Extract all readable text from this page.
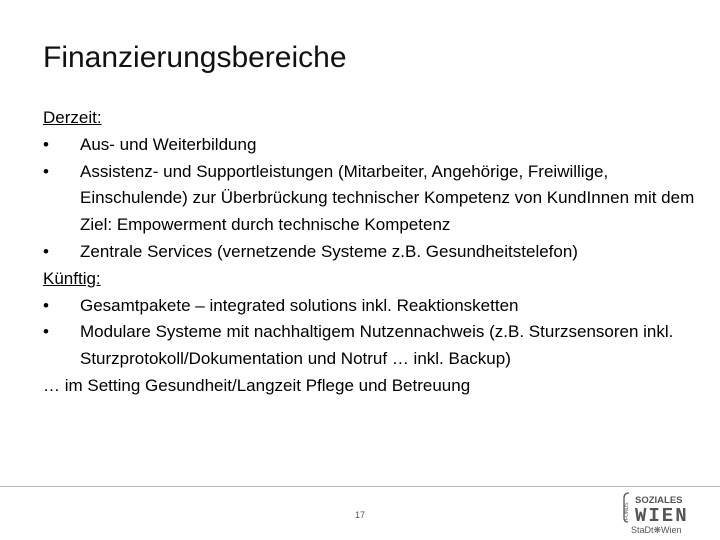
Finanzierungsbereiche
Derzeit:
•	Aus- und Weiterbildung
•	Assistenz- und Supportleistungen (Mitarbeiter, Angehörige, Freiwillige, Einschulende) zur Überbrückung technischer Kompetenz von KundInnen mit dem Ziel: Empowerment durch technische Kompetenz
•	Zentrale Services (vernetzende Systeme z.B. Gesundheitstelefon)
Künftig:
•	Gesamtpakete – integrated solutions inkl. Reaktionsketten
•	Modulare Systeme mit nachhaltigem Nutzennachweis (z.B. Sturzsensoren inkl. Sturzprotokoll/Dokumentation und Notruf … inkl. Backup)
… im Setting Gesundheit/Langzeit Pflege und Betreuung
17	FONDS
SOZIALES
WIEN
StaDt❋Wien
